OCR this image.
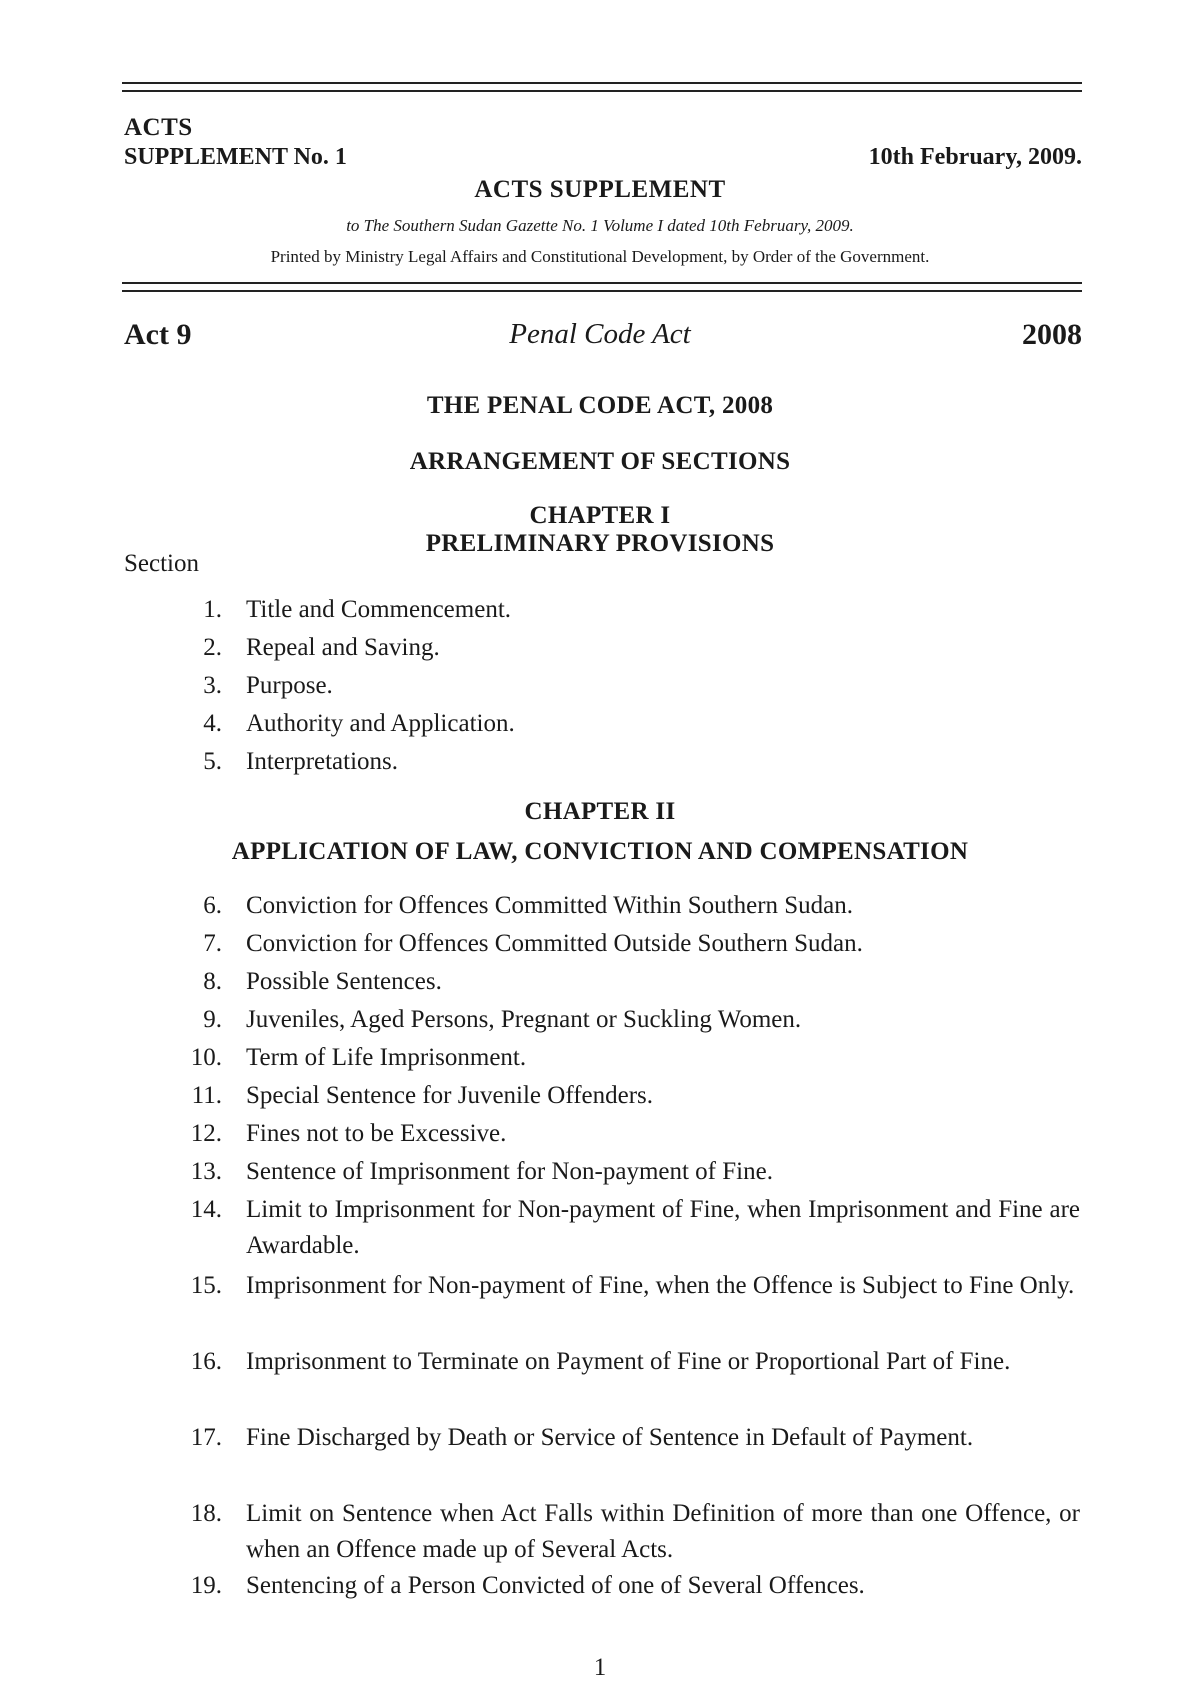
ACTS
SUPPLEMENT No. 1	10th February, 2009.
ACTS SUPPLEMENT
to The Southern Sudan Gazette No. 1 Volume I dated 10th February, 2009.
Printed by Ministry Legal Affairs and Constitutional Development, by Order of the Government.
Act 9	Penal Code Act	2008
THE PENAL CODE ACT, 2008
ARRANGEMENT OF SECTIONS
CHAPTER I
PRELIMINARY PROVISIONS
Section
1. Title and Commencement.
2. Repeal and Saving.
3. Purpose.
4. Authority and Application.
5. Interpretations.
CHAPTER II
APPLICATION OF LAW, CONVICTION AND COMPENSATION
6. Conviction for Offences Committed Within Southern Sudan.
7. Conviction for Offences Committed Outside Southern Sudan.
8. Possible Sentences.
9. Juveniles, Aged Persons, Pregnant or Suckling Women.
10. Term of Life Imprisonment.
11. Special Sentence for Juvenile Offenders.
12. Fines not to be Excessive.
13. Sentence of Imprisonment for Non-payment of Fine.
14. Limit to Imprisonment for Non-payment of Fine, when Imprisonment and Fine are Awardable.
15. Imprisonment for Non-payment of Fine, when the Offence is Subject to Fine Only.
16. Imprisonment to Terminate on Payment of Fine or Proportional Part of Fine.
17. Fine Discharged by Death or Service of Sentence in Default of Payment.
18. Limit on Sentence when Act Falls within Definition of more than one Offence, or when an Offence made up of Several Acts.
19. Sentencing of a Person Convicted of one of Several Offences.
1
